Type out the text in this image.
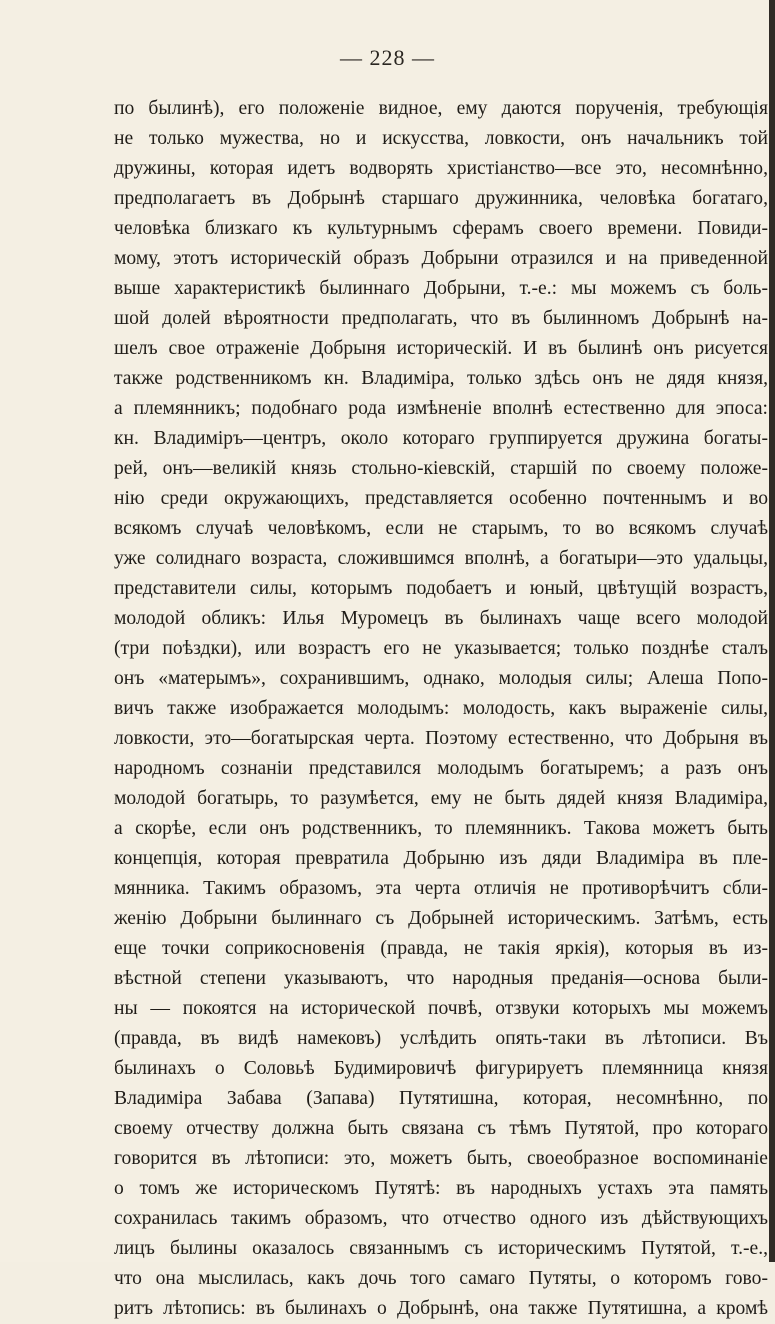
— 228 —
по былинѣ), его положеніе видное, ему даются порученія, требующія
не только мужества, но и искусства, ловкости, онъ начальникъ той
дружины, которая идетъ водворять христіанство—все это, несомнѣнно,
предполагаетъ въ Добрынѣ старшаго дружинника, человѣка богатаго,
человѣка близкаго къ культурнымъ сферамъ своего времени. Повиди-
мому, этотъ историческій образъ Добрыни отразился и на приведенной
выше характеристикѣ былиннаго Добрыни, т.-е.: мы можемъ съ боль-
шой долей вѣроятности предполагать, что въ былинномъ Добрынѣ на-
шелъ свое отраженіе Добрыня историческій. И въ былинѣ онъ рисуется
также родственникомъ кн. Владиміра, только здѣсь онъ не дядя князя,
а племянникъ; подобнаго рода измѣненіе вполнѣ естественно для эпоса:
кн. Владиміръ—центръ, около котораго группируется дружина богаты-
рей, онъ—великій князь стольно-кіевскій, старшій по своему положе-
нію среди окружающихъ, представляется особенно почтеннымъ и во
всякомъ случаѣ человѣкомъ, если не старымъ, то во всякомъ случаѣ
уже солиднаго возраста, сложившимся вполнѣ, а богатыри—это удальцы,
представители силы, которымъ подобаетъ и юный, цвѣтущій возрастъ,
молодой обликъ: Илья Муромецъ въ былинахъ чаще всего молодой
(три поѣздки), или возрастъ его не указывается; только позднѣе сталъ
онъ «матерымъ», сохранившимъ, однако, молодыя силы; Алеша Попо-
вичъ также изображается молодымъ: молодость, какъ выраженіе силы,
ловкости, это—богатырская черта. Поэтому естественно, что Добрыня въ
народномъ сознаніи представился молодымъ богатыремъ; а разъ онъ
молодой богатырь, то разумѣется, ему не быть дядей князя Владиміра,
а скорѣе, если онъ родственникъ, то племянникъ. Такова можетъ быть
концепція, которая превратила Добрыню изъ дяди Владиміра въ пле-
мянника. Такимъ образомъ, эта черта отличія не противорѣчитъ сбли-
женію Добрыни былиннаго съ Добрыней историческимъ. Затѣмъ, есть
еще точки соприкосновенія (правда, не такія яркія), которыя въ из-
вѣстной степени указываютъ, что народныя преданія—основа были-
ны — покоятся на исторической почвѣ, отзвуки которыхъ мы можемъ
(правда, въ видѣ намековъ) услѣдить опять-таки въ лѣтописи. Въ
былинахъ о Соловьѣ Будимировичѣ фигурируетъ племянница князя
Владиміра Забава (Запава) Путятишна, которая, несомнѣнно, по
своему отчеству должна быть связана съ тѣмъ Путятой, про котораго
говорится въ лѣтописи: это, можетъ быть, своеобразное воспоминаніе
о томъ же историческомъ Путятѣ: въ народныхъ устахъ эта память
сохранилась такимъ образомъ, что отчество одного изъ дѣйствующихъ
лицъ былины оказалось связаннымъ съ историческимъ Путятой, т.-е.,
что она мыслилась, какъ дочь того самаго Путяты, о которомъ гово-
ритъ лѣтопись: въ былинахъ о Добрынѣ, она также Путятишна, а кромѣ
